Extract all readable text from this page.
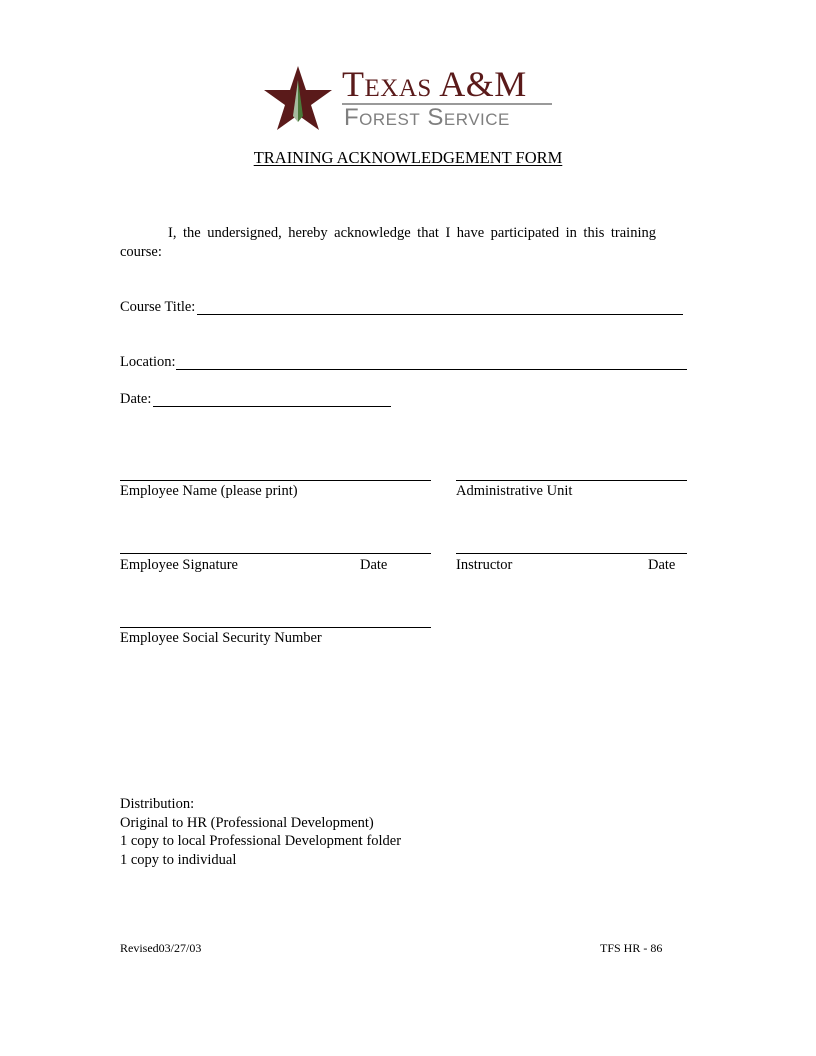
Texas A&M
Forest Service
TRAINING ACKNOWLEDGEMENT FORM
I, the undersigned, hereby acknowledge that I have participated in this training
course:
Course Title:
Location:
Date:
Employee Name (please print)	Administrative Unit
Employee Signature	Date	Instructor	Date
Employee Social Security Number
Distribution:
Original to HR (Professional Development)
1 copy to local Professional Development folder
1 copy to individual
Revised03/27/03	TFS HR - 86
